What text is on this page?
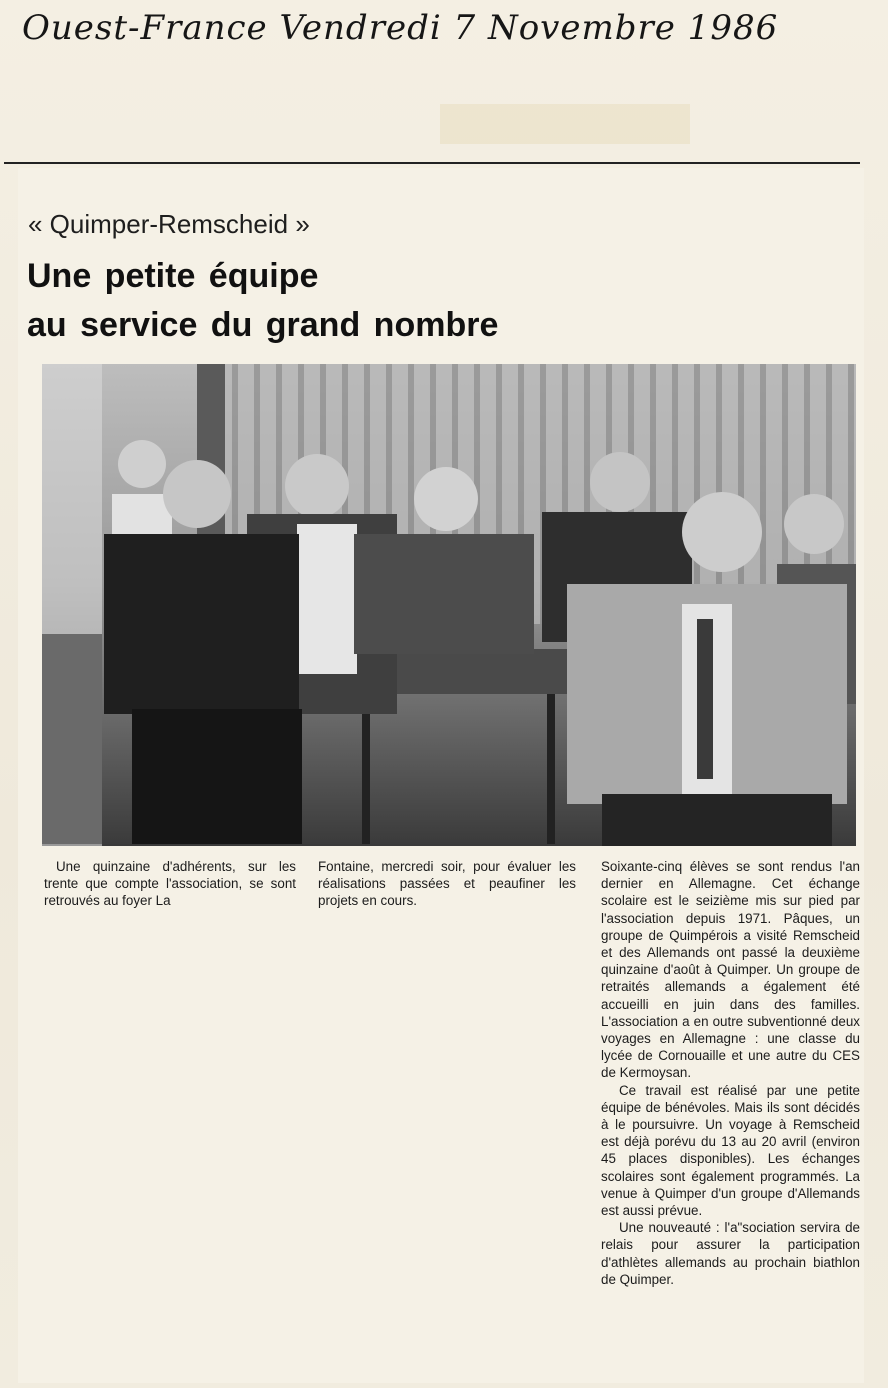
Ouest-France Vendredi 7 Novembre 1986
« Quimper-Remscheid »
Une petite équipe
au service du grand nombre

Une quinzaine d'adhérents, sur les trente que compte l'association, se sont retrouvés au foyer La

Fontaine, mercredi soir, pour évaluer les réalisations passées et peaufiner les projets en cours.

Soixante-cinq élèves se sont rendus l'an dernier en Allemagne. Cet échange scolaire est le seizième mis sur pied par l'association depuis 1971. Pâques, un groupe de Quimpérois a visité Remscheid et des Allemands ont passé la deuxième quinzaine d'août à Quimper. Un groupe de retraités allemands a également été accueilli en juin dans des familles. L'association a en outre subventionné deux voyages en Allemagne : une classe du lycée de Cornouaille et une autre du CES de Kermoysan.

Ce travail est réalisé par une petite équipe de bénévoles. Mais ils sont décidés à le poursuivre. Un voyage à Remscheid est déjà porévu du 13 au 20 avril (environ 45 places disponibles). Les échanges scolaires sont également programmés. La venue à Quimper d'un groupe d'Allemands est aussi prévue.

Une nouveauté : l'a"sociation servira de relais pour assurer la participation d'athlètes allemands au prochain biathlon de Quimper.
